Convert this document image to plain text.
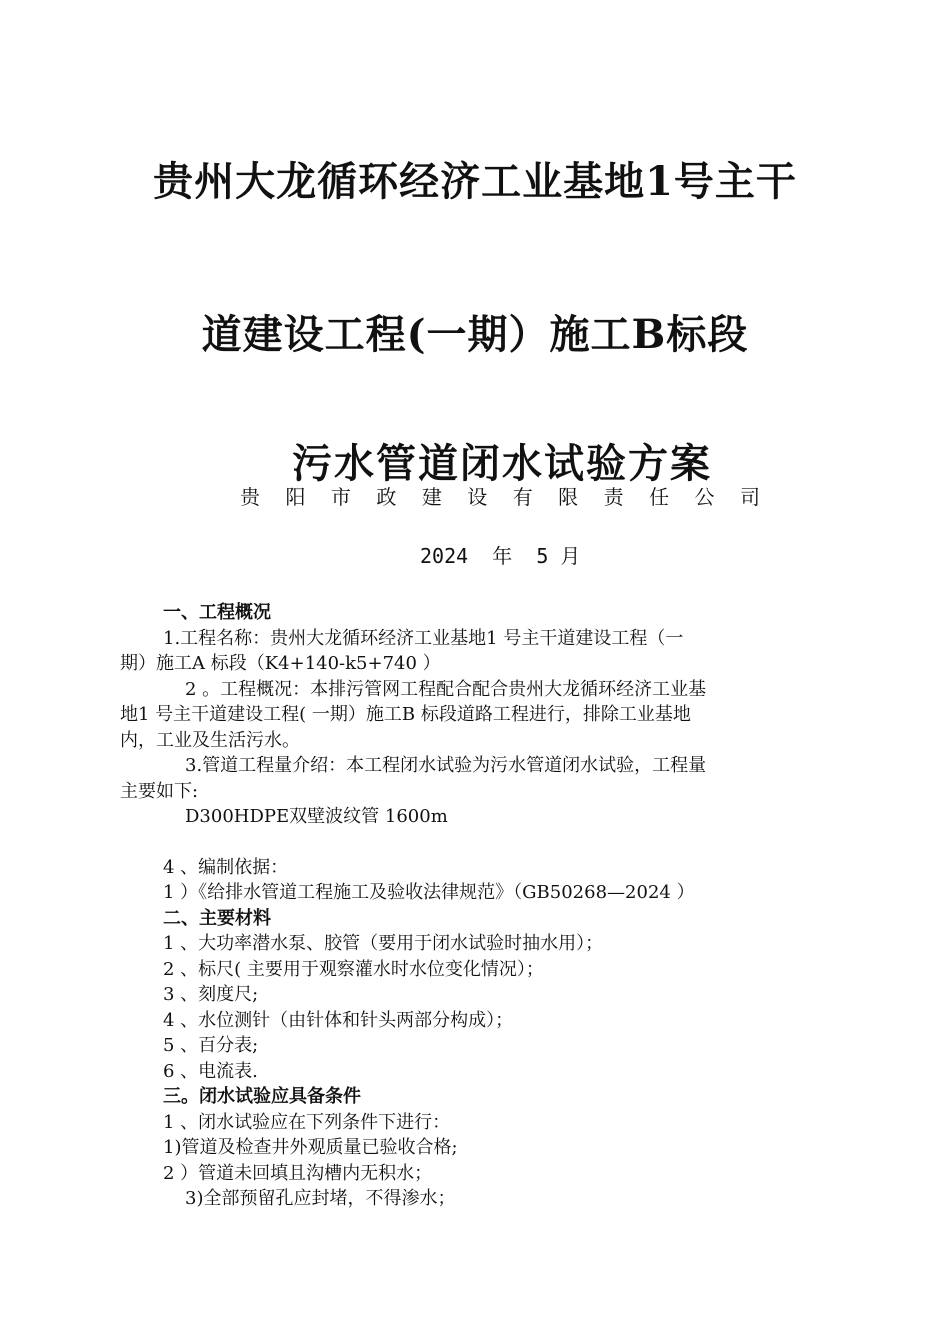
贵州大龙循环经济工业基地1号主干
道建设工程(一期）施工B标段
污水管道闭水试验方案
贵 阳 市 政 建 设 有 限 责 任 公 司
2024  年  5 月

一、工程概况

1.工程名称：贵州大龙循环经济工业基地1 号主干道建设工程（一

期）施工A 标段（K4+140-k5+740 ）

2 。工程概况：本排污管网工程配合配合贵州大龙循环经济工业基

地1 号主干道建设工程( 一期）施工B 标段道路工程进行，排除工业基地

内，工业及生活污水。

3.管道工程量介绍：本工程闭水试验为污水管道闭水试验，工程量

主要如下:

D300HDPE双壁波纹管 1600m

4 、编制依据：

1 ）《给排水管道工程施工及验收法律规范》（GB50268—2024 ）

二、主要材料

1 、大功率潜水泵、胶管（要用于闭水试验时抽水用）；

2 、标尺( 主要用于观察灌水时水位变化情况）；

3 、刻度尺;

4 、水位测针（由针体和针头两部分构成）；

5 、百分表;

6 、电流表.

三。闭水试验应具备条件

1 、闭水试验应在下列条件下进行：

1)管道及检查井外观质量已验收合格;

2 ）管道未回填且沟槽内无积水；

3)全部预留孔应封堵，不得渗水；
